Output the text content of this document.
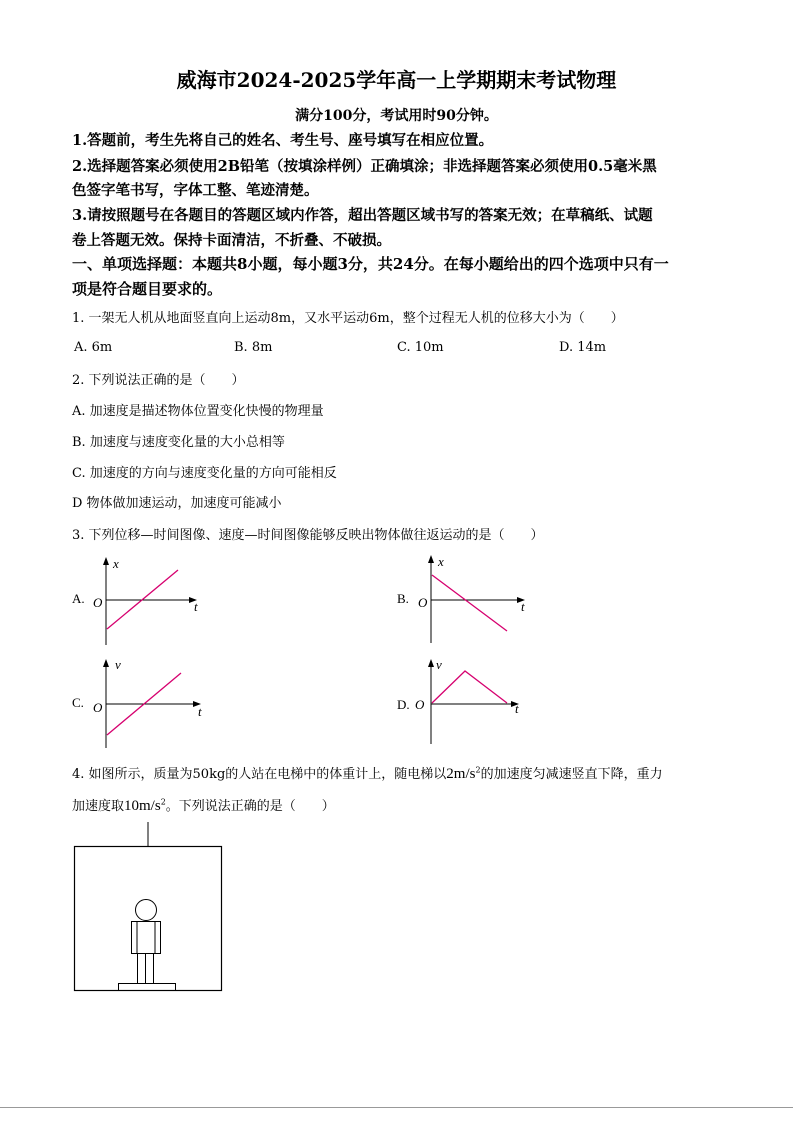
威海市2024-2025学年高一上学期期末考试物理
满分100分，考试用时90分钟。
1.答题前，考生先将自己的姓名、考生号、座号填写在相应位置。
2.选择题答案必须使用2B铅笔（按填涂样例）正确填涂；非选择题答案必须使用0.5毫米黑
色签字笔书写，字体工整、笔迹清楚。
3.请按照题号在各题目的答题区域内作答，超出答题区域书写的答案无效；在草稿纸、试题
卷上答题无效。保持卡面清洁，不折叠、不破损。
一、单项选择题：本题共8小题，每小题3分，共24分。在每小题给出的四个选项中只有一
项是符合题目要求的。
1. 一架无人机从地面竖直向上运动8m，又水平运动6m，整个过程无人机的位移大小为（　　）
A. 6m	B. 8m	C. 10m	D. 14m
2. 下列说法正确的是（　　）
A. 加速度是描述物体位置变化快慢的物理量
B. 加速度与速度变化量的大小总相等
C. 加速度的方向与速度变化量的方向可能相反
D 物体做加速运动，加速度可能减小
3. 下列位移—时间图像、速度—时间图像能够反映出物体做往返运动的是（　　）
A.
x
t
O	B.
x
t
O
C.
v
t
O	D.
v
t
O
4. 如图所示，质量为50kg的人站在电梯中的体重计上，随电梯以$2m/s^2$的加速度匀减速竖直下降，重力
加速度取$10m/s^2$。下列说法正确的是（　　）
